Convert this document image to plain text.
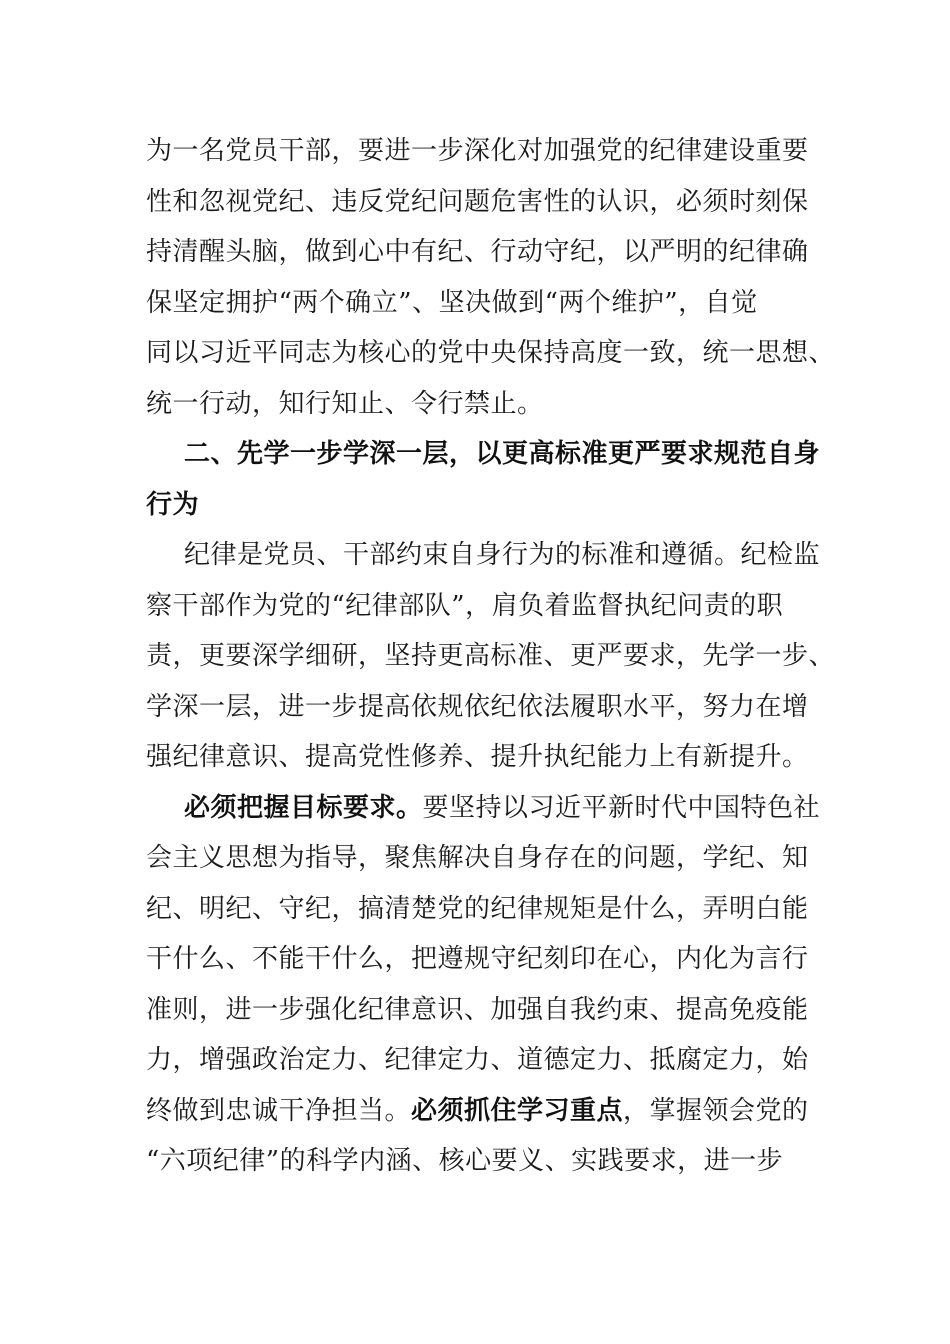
为一名党员干部，要进一步深化对加强党的纪律建设重要
性和忽视党纪、违反党纪问题危害性的认识，必须时刻保
持清醒头脑，做到心中有纪、行动守纪，以严明的纪律确
保坚定拥护“两个确立”、坚决做到“两个维护”，自觉
同以习近平同志为核心的党中央保持高度一致，统一思想、
统一行动，知行知止、令行禁止。
二、先学一步学深一层，以更高标准更严要求规范自身
行为
纪律是党员、干部约束自身行为的标准和遵循。纪检监
察干部作为党的“纪律部队”，肩负着监督执纪问责的职
责，更要深学细研，坚持更高标准、更严要求，先学一步、
学深一层，进一步提高依规依纪依法履职水平，努力在增
强纪律意识、提高党性修养、提升执纪能力上有新提升。
必须把握目标要求。要坚持以习近平新时代中国特色社
会主义思想为指导，聚焦解决自身存在的问题，学纪、知
纪、明纪、守纪，搞清楚党的纪律规矩是什么，弄明白能
干什么、不能干什么，把遵规守纪刻印在心，内化为言行
准则，进一步强化纪律意识、加强自我约束、提高免疫能
力，增强政治定力、纪律定力、道德定力、抵腐定力，始
终做到忠诚干净担当。必须抓住学习重点，掌握领会党的
“六项纪律”的科学内涵、核心要义、实践要求，进一步
